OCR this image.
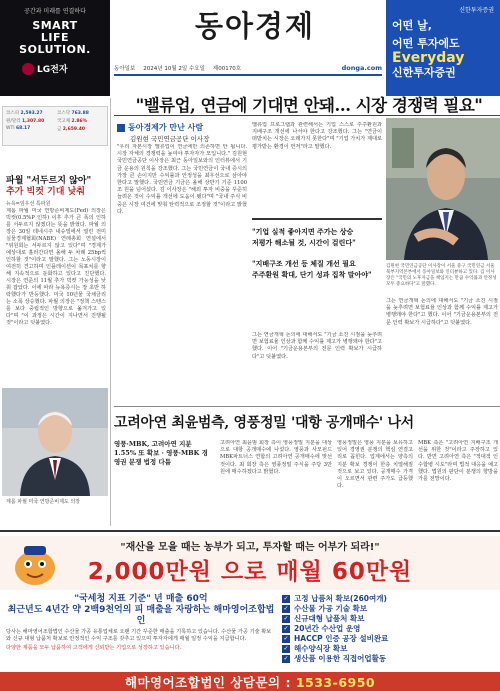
공간과 미래를 연결하다
SMART
LIFE
SOLUTION.
LG전자
동아경제
동아일보 2024년 10월 2일 수요일 제00170호	donga.com
신한투자증권
어떤 날,
어떤 투자에도
Everyday
신한투자증권
코스피 2,593.27	코스닥 763.88
원/달러 1,307.80	국고채 2.86%
WTI 68.17	금 2,659.40
파월 "서두르지 않아"
추가 빅컷 기대 낮춰
뉴욕=임우선 특파원
제롬 파월 미국 연방준비제도(Fed) 의장은 빅컷(0.5%P 인하) 이후 추가 큰 폭의 인하를 서두르지 않겠다는 뜻을 밝혔다. 파월 의장은 30일 테네시주 내슈빌에서 열린 전미실물경제협회(NABE) 연례총회 연설에서 "위원회는 서두르지 않고 있다"며 "경제가 예상대로 흘러간다면 올해 두 차례 25bp씩 인하할 것"이라고 말했다. 그는 노동시장이 여전히 견고하며 인플레이션이 목표치를 향해 지속적으로 둔화하고 있다고 진단했다. 시장은 연준의 11월 추가 빅컷 가능성을 낮춰 잡았다. 이에 따라 뉴욕증시는 장 초반 하락했다가 반등했다. 미국 10년물 국채금리는 소폭 상승했다. 파월 의장은 "정책 스탠스를 보다 중립적인 방향으로 옮겨가고 있다"며 "이 과정은 시간이 지나면서 진행될 것"이라고 덧붙였다.
제롬 파월 미국 연방준비제도 의장
"밸류업, 연금에 기대면 안돼… 시장 경쟁력 필요"
동아경제가 만난 사람
김원현 국민연금공단 이사장
"우리 자본시장 밸류업이 연금에만 의존하면 안 됩니다. 시장 자체의 경쟁력을 높여야 투자자가 모입니다." 김원현 국민연금공단 이사장은 최근 동아일보와의 인터뷰에서 기금 운용의 원칙을 강조했다. 그는 국민연금이 국내 증시의 가장 큰 손이지만 수익률과 안정성을 최우선으로 삼아야 한다고 말했다. 국민연금 기금은 올해 상반기 기준 1100조 원을 넘어섰다. 김 이사장은 "해외 투자 비중을 꾸준히 늘려온 것이 수익률 개선에 도움이 됐다"며 "국내 주식 비중은 시장 여건에 맞춰 탄력적으로 조정할 것"이라고 밝혔다.
밸류업 프로그램과 관련해서는 기업 스스로 주주환원과 지배구조 개선에 나서야 한다고 강조했다. 그는 "연금이 떠받치는 시장은 오래가지 못한다"며 "기업 가치가 제대로 평가받는 환경이 먼저"라고 말했다.

"기업 실적 좋아지면 주가는 상승

저평가 해소될 것, 시간이 걸린다"

"지배구조 개선 등 체질 개선 필요

주주환원 확대, 단기 성과 집착 말아야"

그는 연금개혁 논의에 대해서도 "기금 소진 시점을 늦추려면 보험료율 인상과 함께 수익률 제고가 병행돼야 한다"고 했다. 이어 "기금운용본부의 전문 인력 확보가 시급하다"고 덧붙였다.
김원현 국민연금공단 이사장이 서울 중구 국민연금 서울북부지역본부에서 동아일보와 인터뷰하고 있다. 김 이사장은 "국민의 노후자금을 책임지는 만큼 수익률과 안정성 모두 중요하다"고 말했다.
그는 연금개혁 논의에 대해서도 "기금 소진 시점을 늦추려면 보험료율 인상과 함께 수익률 제고가 병행돼야 한다"고 했다. 이어 "기금운용본부의 전문 인력 확보가 시급하다"고 덧붙였다.
고려아연 최윤범측, 영풍정밀 '대항 공개매수' 나서
영풍·MBK, 고려아연 지분 1.55% 또 확보 · 영풍·MBK 경영권 분쟁 법정 다툼
고려아연 최윤범 회장 측이 영풍정밀 지분을 대상으로 대항 공개매수에 나섰다. 영풍과 사모펀드 MBK파트너스 연합의 고려아연 공개매수에 맞선 것이다. 최 회장 측은 영풍정밀 주식을 주당 3만 원에 매수하겠다고 밝혔다.
영풍정밀은 영풍 지분을 보유하고 있어 경영권 분쟁의 핵심 연결고리로 꼽힌다. 업계에서는 양측의 지분 확보 경쟁이 한층 치열해질 것으로 보고 있다. 공개매수 가격이 오르면서 관련 주가도 급등했다.
MBK 측은 "고려아연 지배구조 개선을 위한 것"이라고 주장하고 있다. 반면 고려아연 측은 "적대적 인수합병 시도"라며 법적 대응을 예고했다. 법원의 판단이 분쟁의 향방을 가를 전망이다.
"재산을 모을 때는 농부가 되고, 투자할 때는 어부가 되라!"
2,000만원 으로 매월 60만원
"국세청 지표 기준" 년 매출 60억
최근년도 4년간 약 2백9천억의 피 매출을 자랑하는 해마영어조합법인
당사는 해마영어조합법인 수산물 가공 유통업체로 오랜 기간 꾸준한 매출을 기록하고 있습니다. 수산물 가공 기술 확보와 신규 대형 납품처 확보로 안정적인 수익 구조를 갖추고 있으며 투자자에게 매월 일정 수익을 지급합니다.
다양한 제품을 모두 납품하여 고객에게 신뢰받는 기업으로 성장하고 있습니다.
✓ 고정 납품처 확보(260여개)
✓ 수산물 가공 기술 확보
✓ 신규대형 납품처 확보
✓ 20년간 수산업 운영
✓ HACCP 인증 공장 설비완료
✓ 해수양식장 확보
✓ 생산품 이용한 직접어업활동
해마영어조합법인 상담문의 : 1533-6950
